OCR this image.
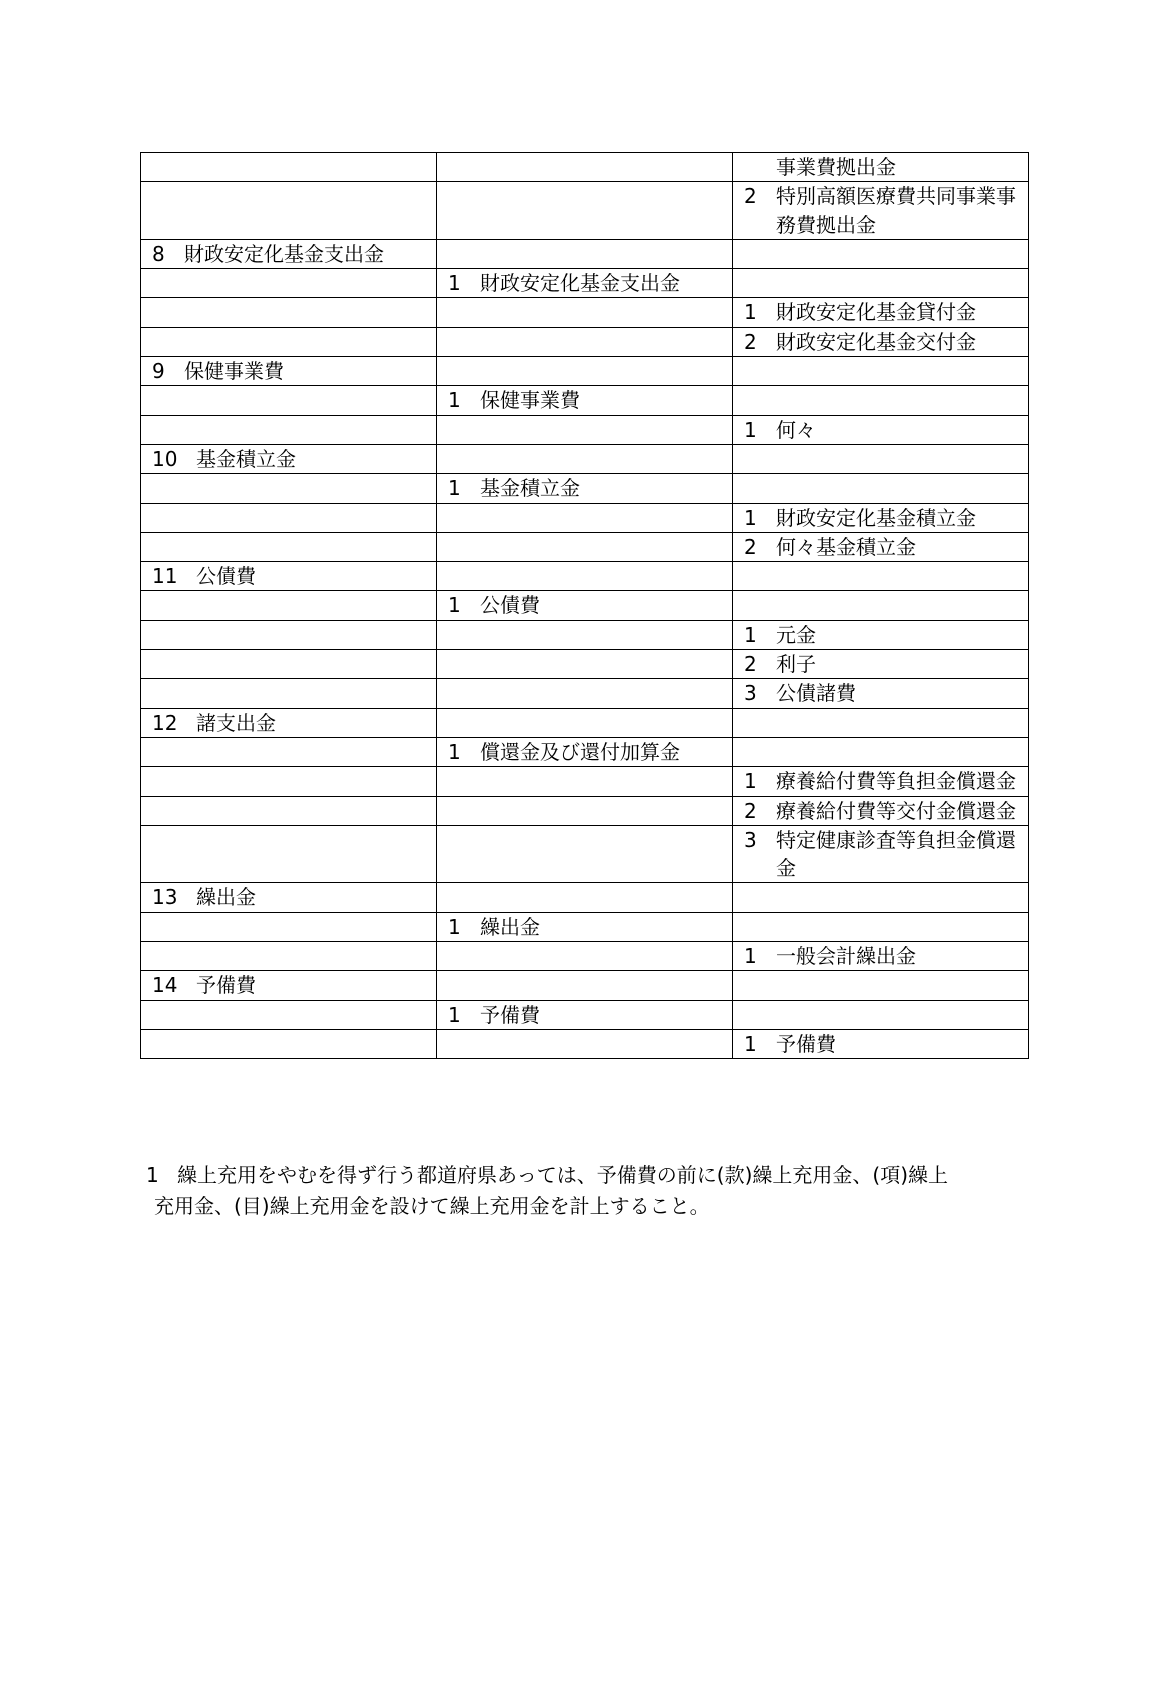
		事業費拠出金

		2 特別高額医療費共同事業事務費拠出金

8 財政安定化基金支出金		

	1 財政安定化基金支出金	

		1 財政安定化基金貸付金

		2 財政安定化基金交付金

9 保健事業費		

	1 保健事業費	

		1 何々

10 基金積立金		

	1 基金積立金	

		1 財政安定化基金積立金

		2 何々基金積立金

11 公債費		

	1 公債費	

		1 元金

		2 利子

		3 公債諸費

12 諸支出金		

	1 償還金及び還付加算金	

		1 療養給付費等負担金償還金

		2 療養給付費等交付金償還金

		3 特定健康診査等負担金償還金

13 繰出金		

	1 繰出金	

		1 一般会計繰出金

14 予備費		

	1 予備費	

		1 予備費
1 繰上充用をやむを得ず行う都道府県あっては、予備費の前に(款)繰上充用金、(項)繰上
充用金、(目)繰上充用金を設けて繰上充用金を計上すること。
